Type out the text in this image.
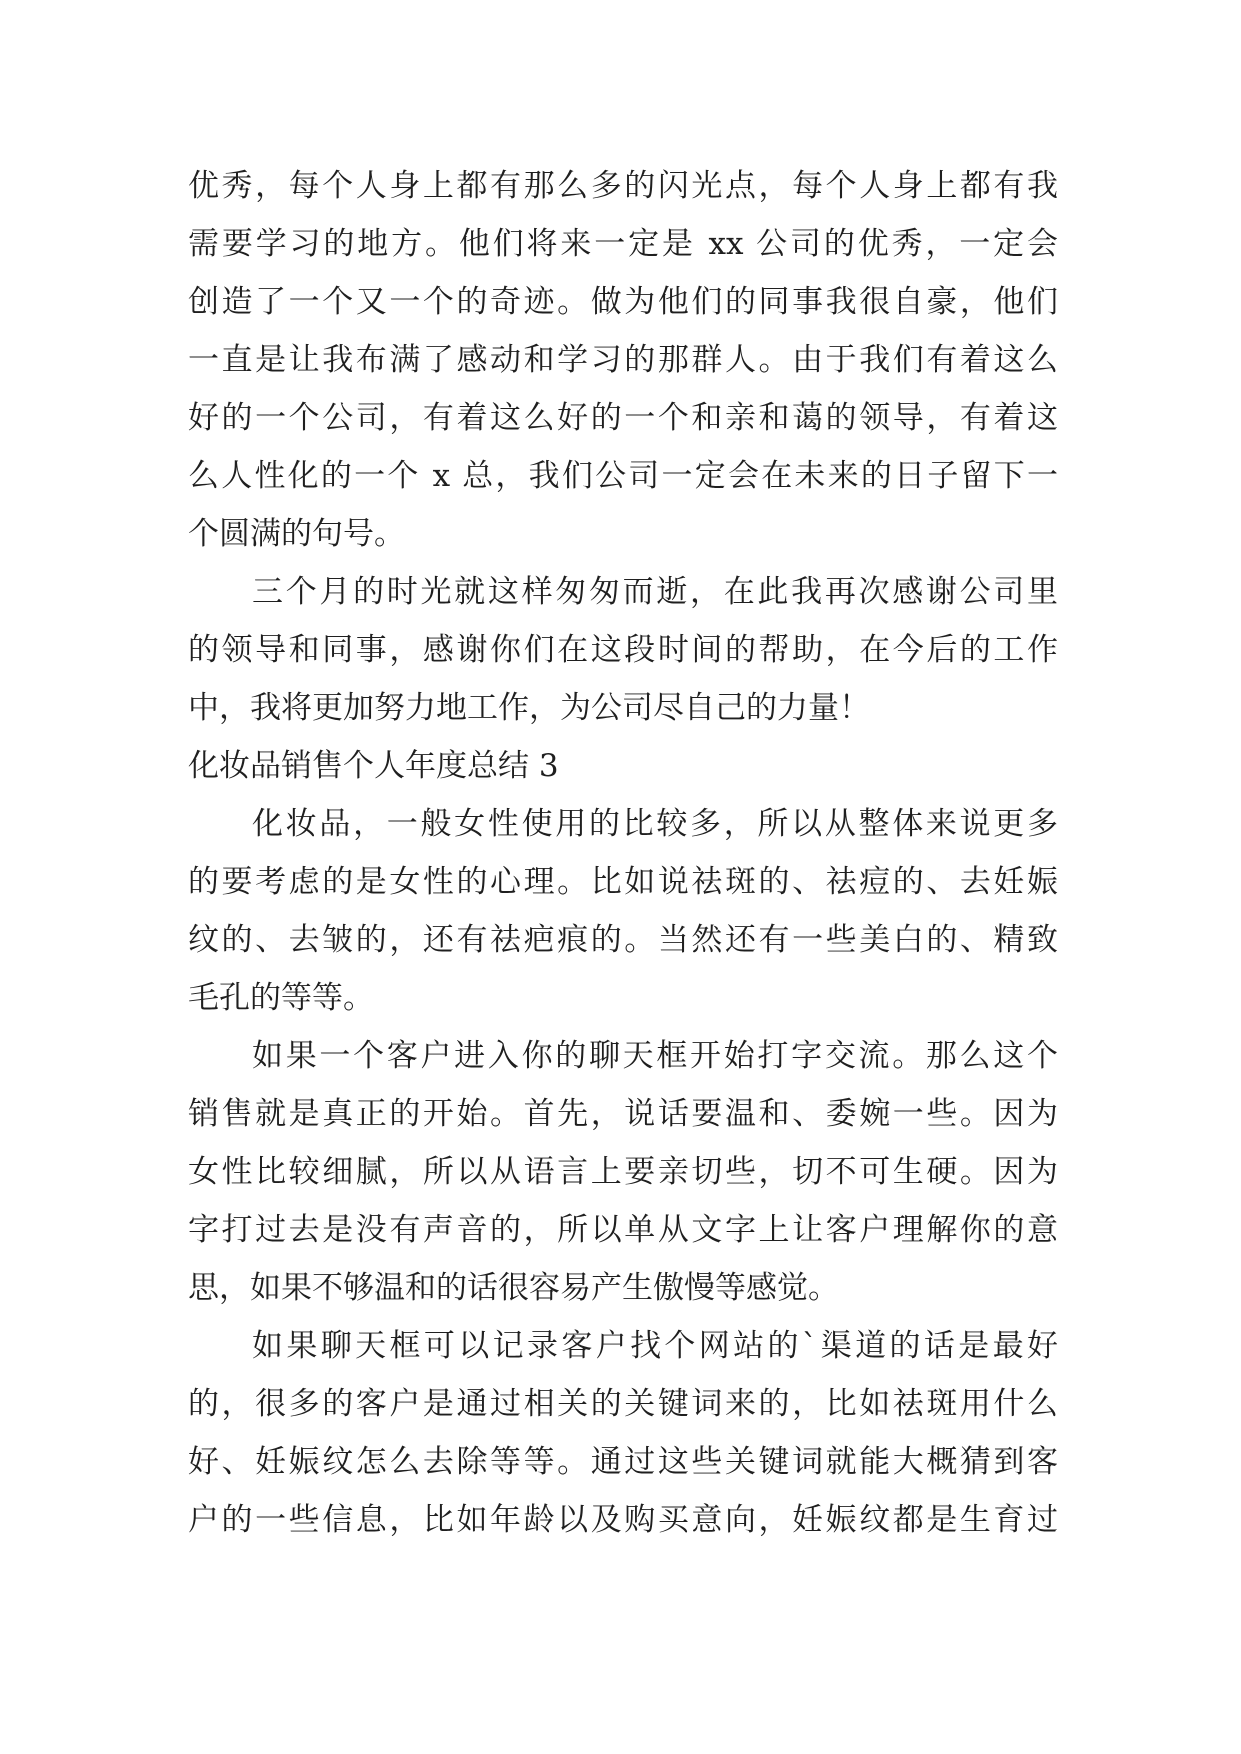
优秀，每个人身上都有那么多的闪光点，每个人身上都有我
需要学习的地方。他们将来一定是 xx 公司的优秀，一定会
创造了一个又一个的奇迹。做为他们的同事我很自豪，他们
一直是让我布满了感动和学习的那群人。由于我们有着这么
好的一个公司，有着这么好的一个和亲和蔼的领导，有着这
么人性化的一个 x 总，我们公司一定会在未来的日子留下一
个圆满的句号。
三个月的时光就这样匆匆而逝，在此我再次感谢公司里
的领导和同事，感谢你们在这段时间的帮助，在今后的工作
中，我将更加努力地工作，为公司尽自己的力量！
化妆品销售个人年度总结 3
化妆品，一般女性使用的比较多，所以从整体来说更多
的要考虑的是女性的心理。比如说祛斑的、祛痘的、去妊娠
纹的、去皱的，还有祛疤痕的。当然还有一些美白的、精致
毛孔的等等。
如果一个客户进入你的聊天框开始打字交流。那么这个
销售就是真正的开始。首先，说话要温和、委婉一些。因为
女性比较细腻，所以从语言上要亲切些，切不可生硬。因为
字打过去是没有声音的，所以单从文字上让客户理解你的意
思，如果不够温和的话很容易产生傲慢等感觉。
如果聊天框可以记录客户找个网站的`渠道的话是最好
的，很多的客户是通过相关的关键词来的，比如祛斑用什么
好、妊娠纹怎么去除等等。通过这些关键词就能大概猜到客
户的一些信息，比如年龄以及购买意向，妊娠纹都是生育过
